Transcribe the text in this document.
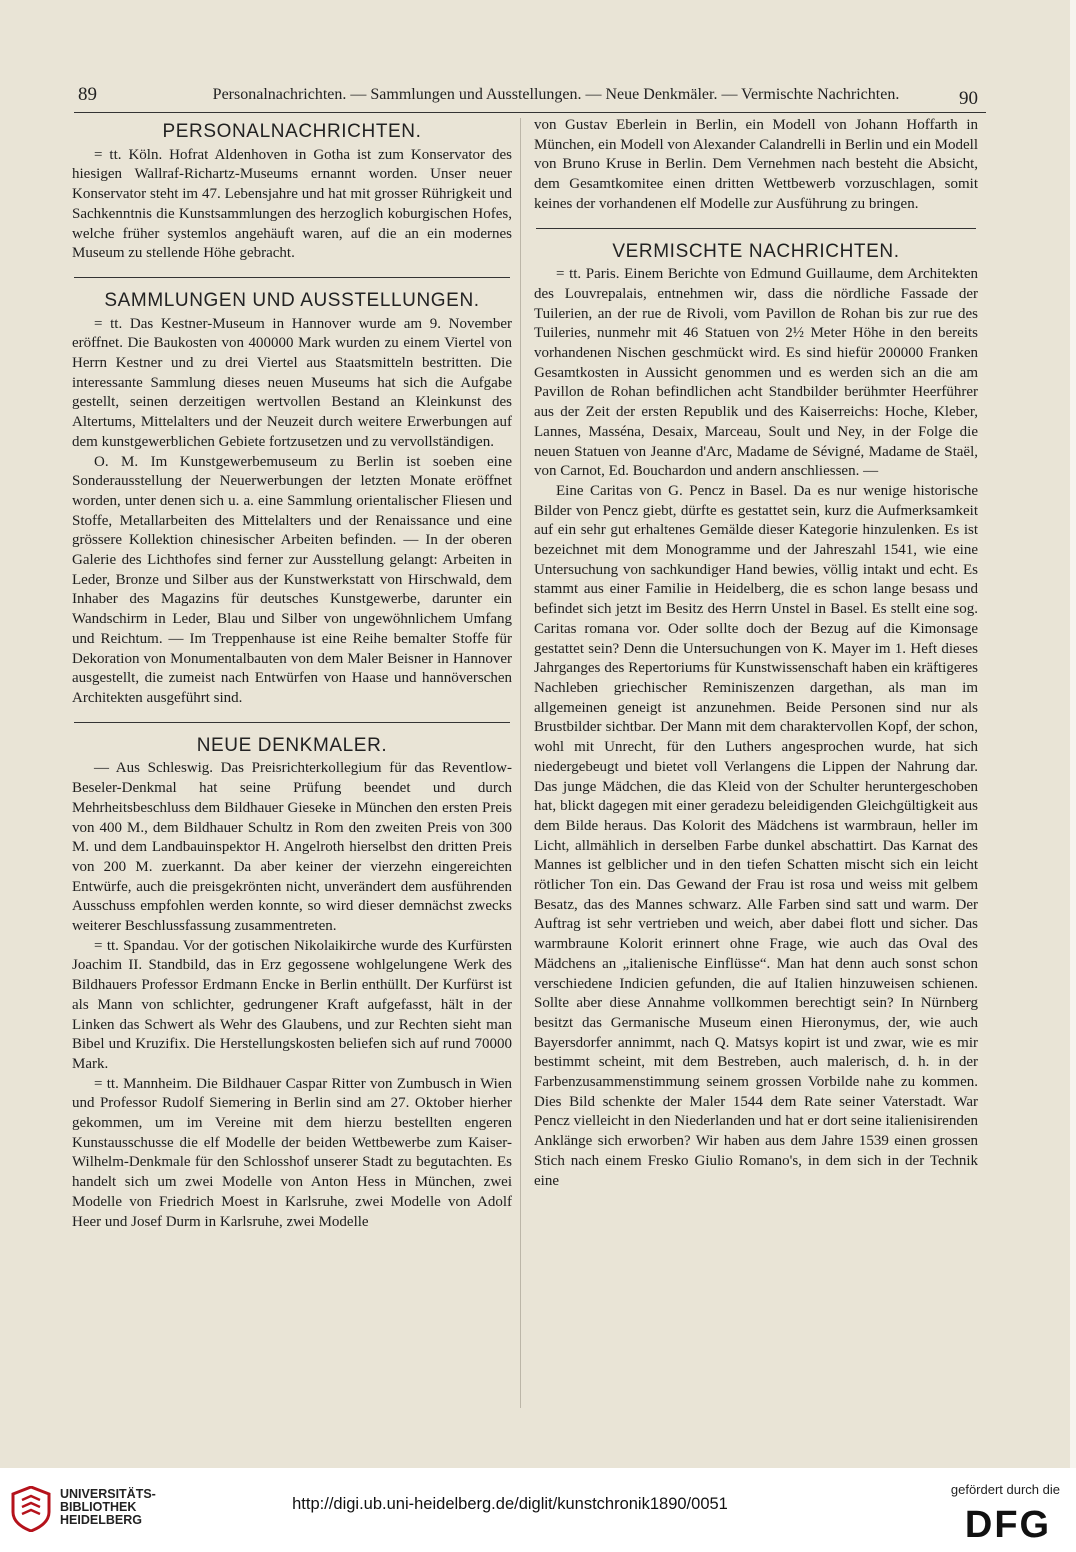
89	Personalnachrichten. — Sammlungen und Ausstellungen. — Neue Denkmäler. — Vermischte Nachrichten.	90
PERSONALNACHRICHTEN.

= tt. Köln. Hofrat Aldenhoven in Gotha ist zum Konservator des hiesigen Wallraf-Richartz-Museums ernannt worden. Unser neuer Konservator steht im 47. Lebensjahre und hat mit grosser Rührigkeit und Sachkenntnis die Kunstsammlungen des herzoglich koburgischen Hofes, welche früher systemlos angehäuft waren, auf die an ein modernes Museum zu stellende Höhe gebracht.

SAMMLUNGEN UND AUSSTELLUNGEN.

= tt. Das Kestner-Museum in Hannover wurde am 9. November eröffnet. Die Baukosten von 400000 Mark wurden zu einem Viertel von Herrn Kestner und zu drei Viertel aus Staatsmitteln bestritten. Die interessante Sammlung dieses neuen Museums hat sich die Aufgabe gestellt, seinen derzeitigen wertvollen Bestand an Kleinkunst des Altertums, Mittelalters und der Neuzeit durch weitere Erwerbungen auf dem kunstgewerblichen Gebiete fortzusetzen und zu vervollständigen.

O. M. Im Kunstgewerbemuseum zu Berlin ist soeben eine Sonderausstellung der Neuerwerbungen der letzten Monate eröffnet worden, unter denen sich u. a. eine Sammlung orientalischer Fliesen und Stoffe, Metallarbeiten des Mittelalters und der Renaissance und eine grössere Kollektion chinesischer Arbeiten befinden. — In der oberen Galerie des Lichthofes sind ferner zur Ausstellung gelangt: Arbeiten in Leder, Bronze und Silber aus der Kunstwerkstatt von Hirschwald, dem Inhaber des Magazins für deutsches Kunstgewerbe, darunter ein Wandschirm in Leder, Blau und Silber von ungewöhnlichem Umfang und Reichtum. — Im Treppenhause ist eine Reihe bemalter Stoffe für Dekoration von Monumentalbauten von dem Maler Beisner in Hannover ausgestellt, die zumeist nach Entwürfen von Haase und hannöverschen Architekten ausgeführt sind.

NEUE DENKMALER.

— Aus Schleswig. Das Preisrichterkollegium für das Reventlow-Beseler-Denkmal hat seine Prüfung beendet und durch Mehrheitsbeschluss dem Bildhauer Gieseke in München den ersten Preis von 400 M., dem Bildhauer Schultz in Rom den zweiten Preis von 300 M. und dem Landbauinspektor H. Angelroth hierselbst den dritten Preis von 200 M. zuerkannt. Da aber keiner der vierzehn eingereichten Entwürfe, auch die preisgekrönten nicht, unverändert dem ausführenden Ausschuss empfohlen werden konnte, so wird dieser demnächst zwecks weiterer Beschlussfassung zusammentreten.

= tt. Spandau. Vor der gotischen Nikolaikirche wurde des Kurfürsten Joachim II. Standbild, das in Erz gegossene wohlgelungene Werk des Bildhauers Professor Erdmann Encke in Berlin enthüllt. Der Kurfürst ist als Mann von schlichter, gedrungener Kraft aufgefasst, hält in der Linken das Schwert als Wehr des Glaubens, und zur Rechten sieht man Bibel und Kruzifix. Die Herstellungskosten beliefen sich auf rund 70000 Mark.

= tt. Mannheim. Die Bildhauer Caspar Ritter von Zumbusch in Wien und Professor Rudolf Siemering in Berlin sind am 27. Oktober hierher gekommen, um im Vereine mit dem hierzu bestellten engeren Kunstausschusse die elf Modelle der beiden Wettbewerbe zum Kaiser-Wilhelm-Denkmale für den Schlosshof unserer Stadt zu begutachten. Es handelt sich um zwei Modelle von Anton Hess in München, zwei Modelle von Friedrich Moest in Karlsruhe, zwei Modelle von Adolf Heer und Josef Durm in Karlsruhe, zwei Modelle

von Gustav Eberlein in Berlin, ein Modell von Johann Hoffarth in München, ein Modell von Alexander Calandrelli in Berlin und ein Modell von Bruno Kruse in Berlin. Dem Vernehmen nach besteht die Absicht, dem Gesamtkomitee einen dritten Wettbewerb vorzuschlagen, somit keines der vorhandenen elf Modelle zur Ausführung zu bringen.

VERMISCHTE NACHRICHTEN.

= tt. Paris. Einem Berichte von Edmund Guillaume, dem Architekten des Louvrepalais, entnehmen wir, dass die nördliche Fassade der Tuilerien, an der rue de Rivoli, vom Pavillon de Rohan bis zur rue des Tuileries, nunmehr mit 46 Statuen von 2½ Meter Höhe in den bereits vorhandenen Nischen geschmückt wird. Es sind hiefür 200000 Franken Gesamtkosten in Aussicht genommen und es werden sich an die am Pavillon de Rohan befindlichen acht Standbilder berühmter Heerführer aus der Zeit der ersten Republik und des Kaiserreichs: Hoche, Kleber, Lannes, Masséna, Desaix, Marceau, Soult und Ney, in der Folge die neuen Statuen von Jeanne d'Arc, Madame de Sévigné, Madame de Staël, von Carnot, Ed. Bouchardon und andern anschliessen. —

Eine Caritas von G. Pencz in Basel. Da es nur wenige historische Bilder von Pencz giebt, dürfte es gestattet sein, kurz die Aufmerksamkeit auf ein sehr gut erhaltenes Gemälde dieser Kategorie hinzulenken. Es ist bezeichnet mit dem Monogramme und der Jahreszahl 1541, wie eine Untersuchung von sachkundiger Hand bewies, völlig intakt und echt. Es stammt aus einer Familie in Heidelberg, die es schon lange besass und befindet sich jetzt im Besitz des Herrn Unstel in Basel. Es stellt eine sog. Caritas romana vor. Oder sollte doch der Bezug auf die Kimonsage gestattet sein? Denn die Untersuchungen von K. Mayer im 1. Heft dieses Jahrganges des Repertoriums für Kunstwissenschaft haben ein kräftigeres Nachleben griechischer Reminiszenzen dargethan, als man im allgemeinen geneigt ist anzunehmen. Beide Personen sind nur als Brustbilder sichtbar. Der Mann mit dem charaktervollen Kopf, der schon, wohl mit Unrecht, für den Luthers angesprochen wurde, hat sich niedergebeugt und bietet voll Verlangens die Lippen der Nahrung dar. Das junge Mädchen, die das Kleid von der Schulter heruntergeschoben hat, blickt dagegen mit einer geradezu beleidigenden Gleichgültigkeit aus dem Bilde heraus. Das Kolorit des Mädchens ist warmbraun, heller im Licht, allmählich in derselben Farbe dunkel abschattirt. Das Karnat des Mannes ist gelblicher und in den tiefen Schatten mischt sich ein leicht rötlicher Ton ein. Das Gewand der Frau ist rosa und weiss mit gelbem Besatz, das des Mannes schwarz. Alle Farben sind satt und warm. Der Auftrag ist sehr vertrieben und weich, aber dabei flott und sicher. Das warmbraune Kolorit erinnert ohne Frage, wie auch das Oval des Mädchens an „italienische Einflüsse“. Man hat denn auch sonst schon verschiedene Indicien gefunden, die auf Italien hinzuweisen schienen. Sollte aber diese Annahme vollkommen berechtigt sein? In Nürnberg besitzt das Germanische Museum einen Hieronymus, der, wie auch Bayersdorfer annimmt, nach Q. Matsys kopirt ist und zwar, wie es mir bestimmt scheint, mit dem Bestreben, auch malerisch, d. h. in der Farbenzusammenstimmung seinem grossen Vorbilde nahe zu kommen. Dies Bild schenkte der Maler 1544 dem Rate seiner Vaterstadt. War Pencz vielleicht in den Niederlanden und hat er dort seine italienisirenden Anklänge sich erworben? Wir haben aus dem Jahre 1539 einen grossen Stich nach einem Fresko Giulio Romano's, in dem sich in der Technik eine

UNIVERSITÄTS-
BIBLIOTHEK
HEIDELBERG
http://digi.ub.uni-heidelberg.de/diglit/kunstchronik1890/0051
gefördert durch die
DFG
